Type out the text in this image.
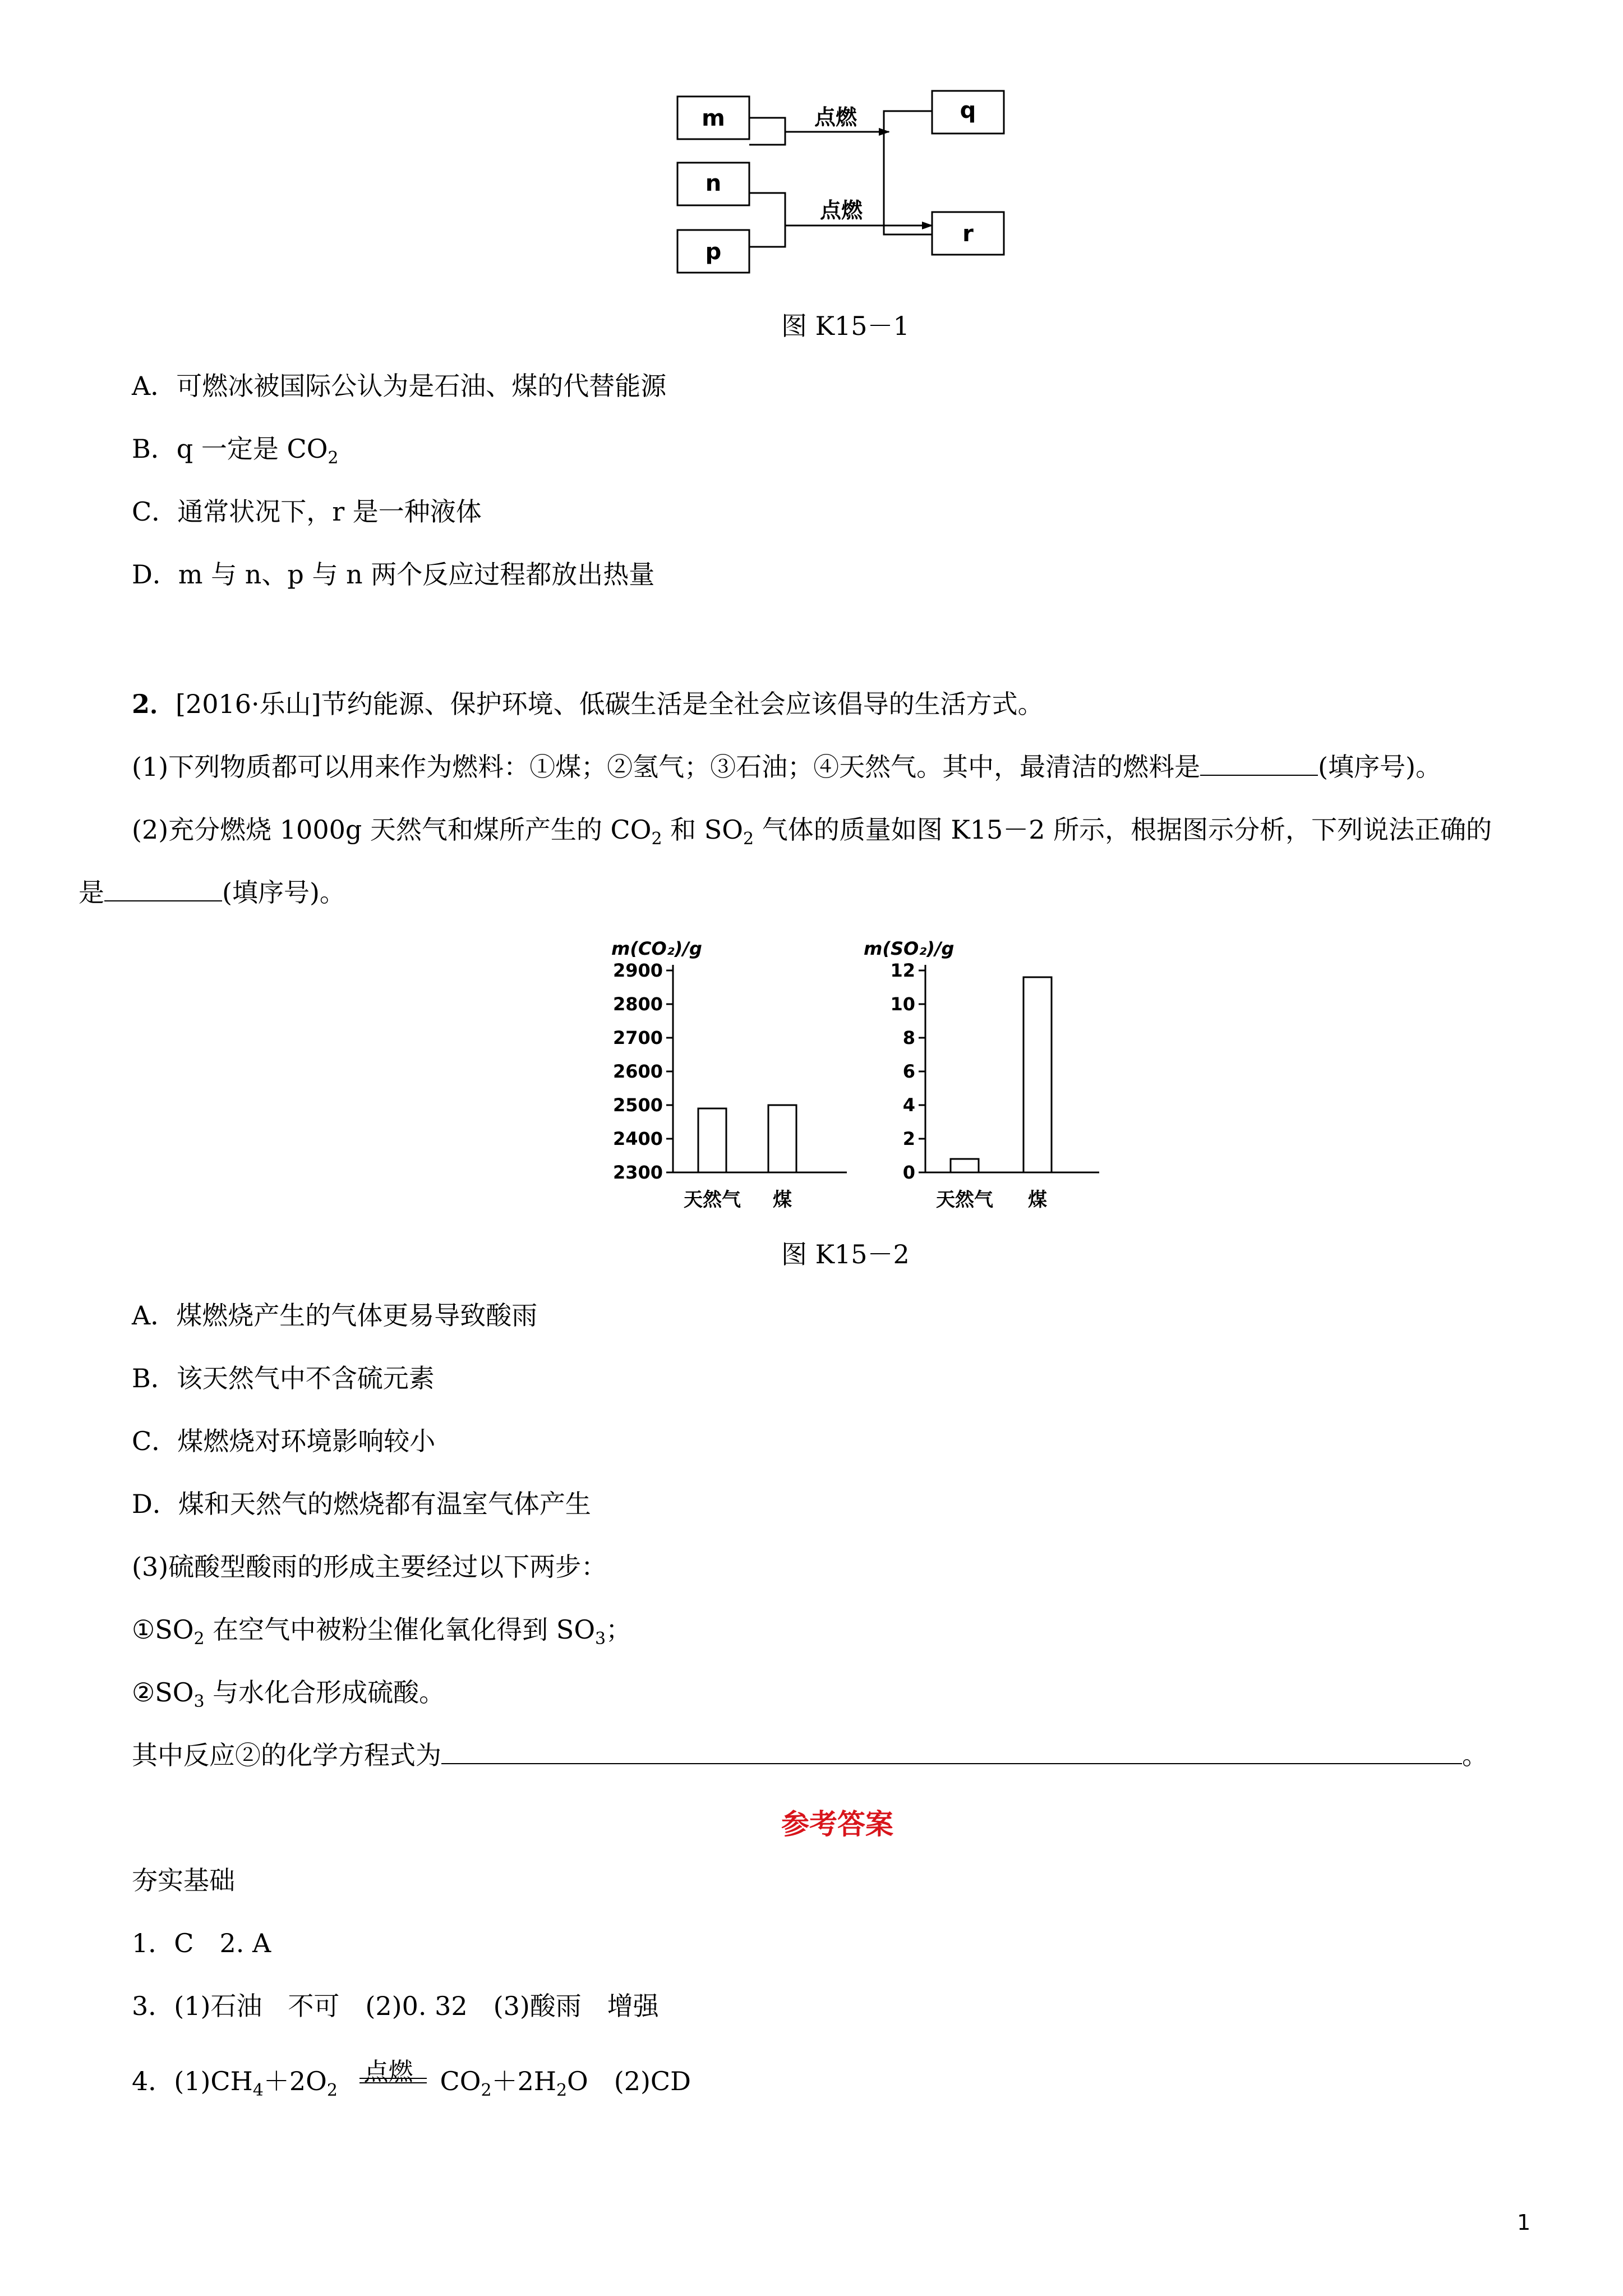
m
n
p
q
r
点燃
点燃
图 K15－1
A．可燃冰被国际公认为是石油、煤的代替能源
B．q 一定是 $CO_2$
C．通常状况下，r 是一种液体
D．m 与 n、p 与 n 两个反应过程都放出热量
2．[2016·乐山]节约能源、保护环境、低碳生活是全社会应该倡导的生活方式。
(1)下列物质都可以用来作为燃料：①煤；②氢气；③石油；④天然气。其中，最清洁的燃料是	(填序号)。
(2)充分燃烧 1000g 天然气和煤所产生的 $CO_2$ 和 $SO_2$ 气体的质量如图 K15－2 所示，根据图示分析，下列说法正确的
是	(填序号)。
m(CO₂)/g
2300
2400
2500
2600
2700
2800
2900
天然气 煤
m(SO₂)/g
0
2
4
6
8
10
12
天然气 煤
图 K15－2
A．煤燃烧产生的气体更易导致酸雨
B．该天然气中不含硫元素
C．煤燃烧对环境影响较小
D．煤和天然气的燃烧都有温室气体产生
(3)硫酸型酸雨的形成主要经过以下两步：
$①SO_2$ 在空气中被粉尘催化氧化得到 $SO_3$；
$②SO_3$ 与水化合形成硫酸。
其中反应②的化学方程式为	。
参考答案
夯实基础
1．C　2. A
3．(1)石油　不可　(2)0. 32　(3)酸雨　增强
4．$(1)CH_4+2O_2$
点燃 $CO_2+2H_2O$　(2)CD
1
